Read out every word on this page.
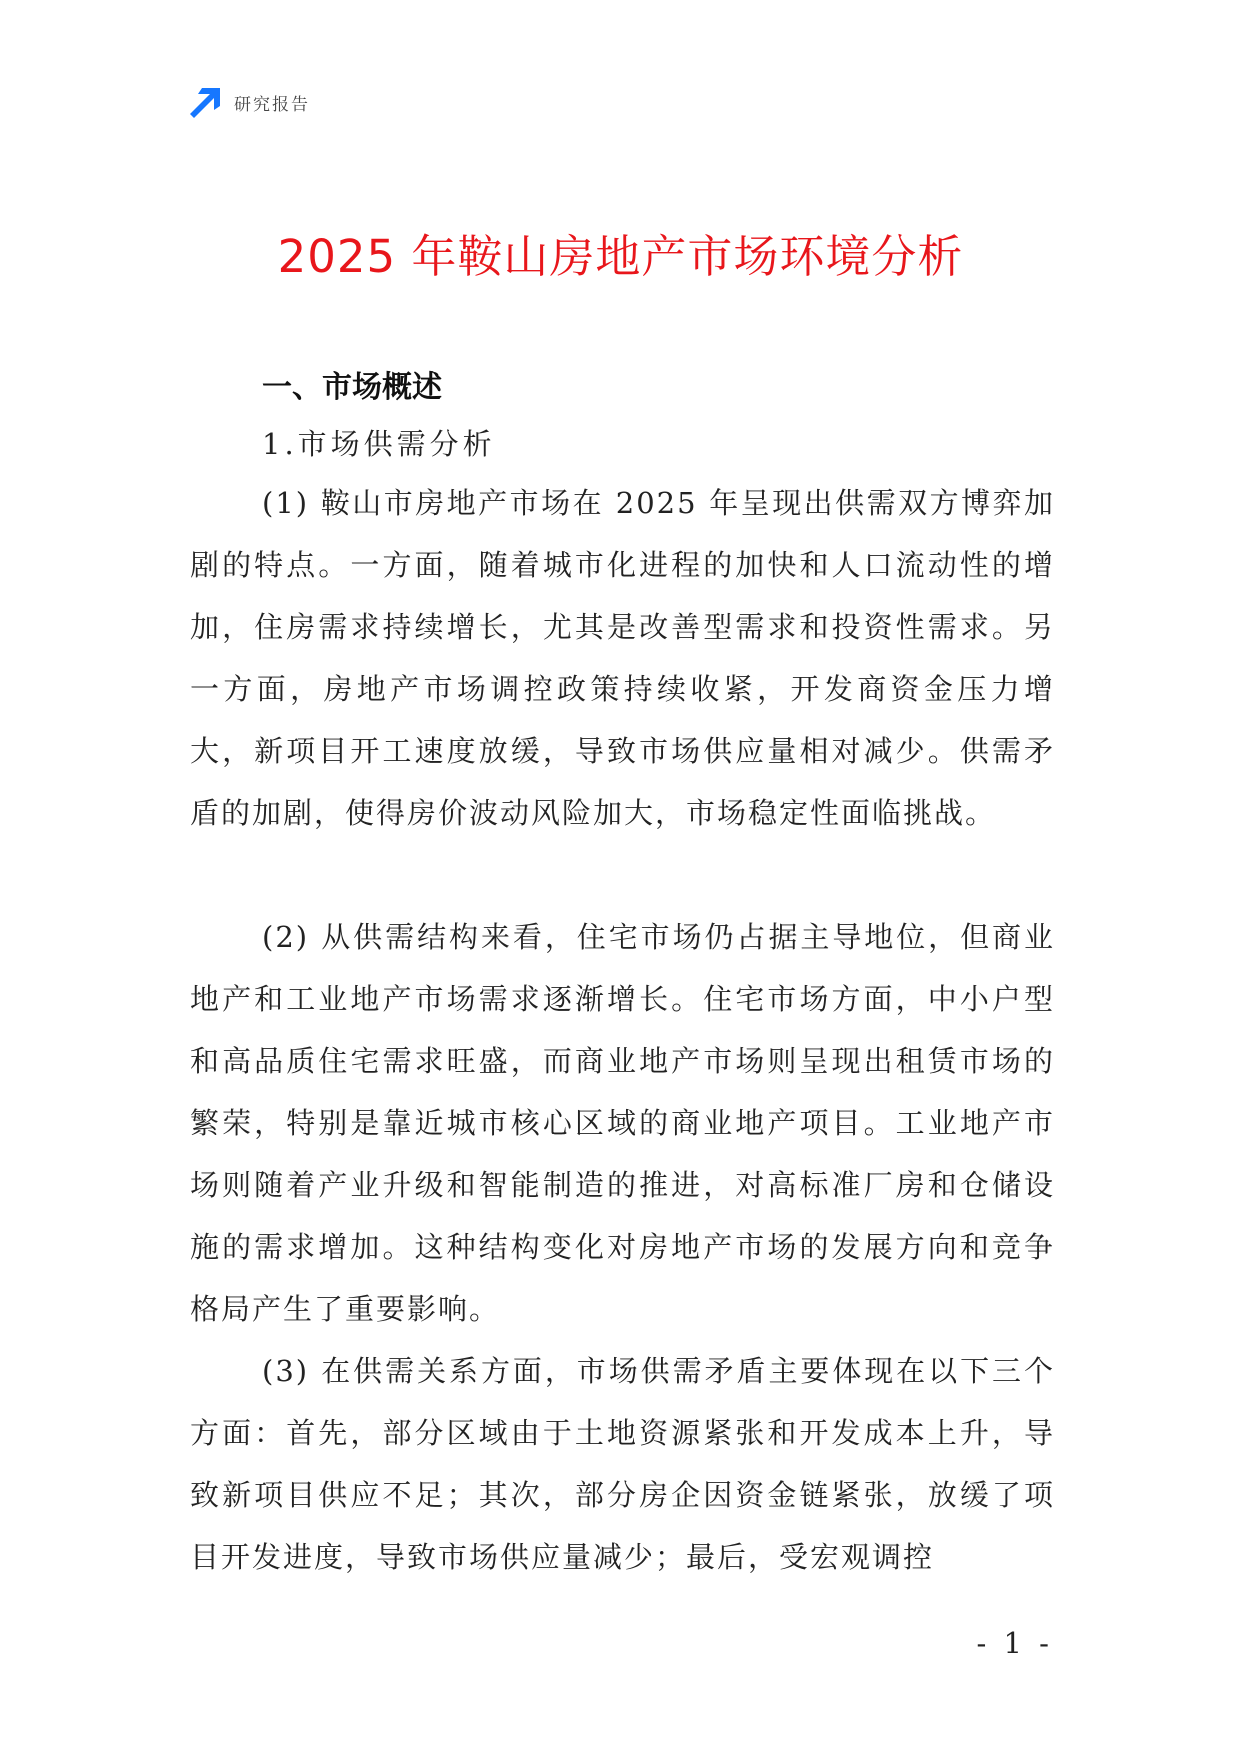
研究报告
2025 年鞍山房地产市场环境分析
一、市场概述
1.市场供需分析
(1) 鞍山市房地产市场在 2025 年呈现出供需双方博弈加剧的特点。一方面，随着城市化进程的加快和人口流动性的增加，住房需求持续增长，尤其是改善型需求和投资性需求。另一方面，房地产市场调控政策持续收紧，开发商资金压力增大，新项目开工速度放缓，导致市场供应量相对减少。供需矛盾的加剧，使得房价波动风险加大，市场稳定性面临挑战。
(2) 从供需结构来看，住宅市场仍占据主导地位，但商业地产和工业地产市场需求逐渐增长。住宅市场方面，中小户型和高品质住宅需求旺盛，而商业地产市场则呈现出租赁市场的繁荣，特别是靠近城市核心区域的商业地产项目。工业地产市场则随着产业升级和智能制造的推进，对高标准厂房和仓储设施的需求增加。这种结构变化对房地产市场的发展方向和竞争格局产生了重要影响。
(3) 在供需关系方面，市场供需矛盾主要体现在以下三个方面：首先，部分区域由于土地资源紧张和开发成本上升，导致新项目供应不足；其次，部分房企因资金链紧张，放缓了项目开发进度，导致市场供应量减少；最后，受宏观调控
- 1 -
